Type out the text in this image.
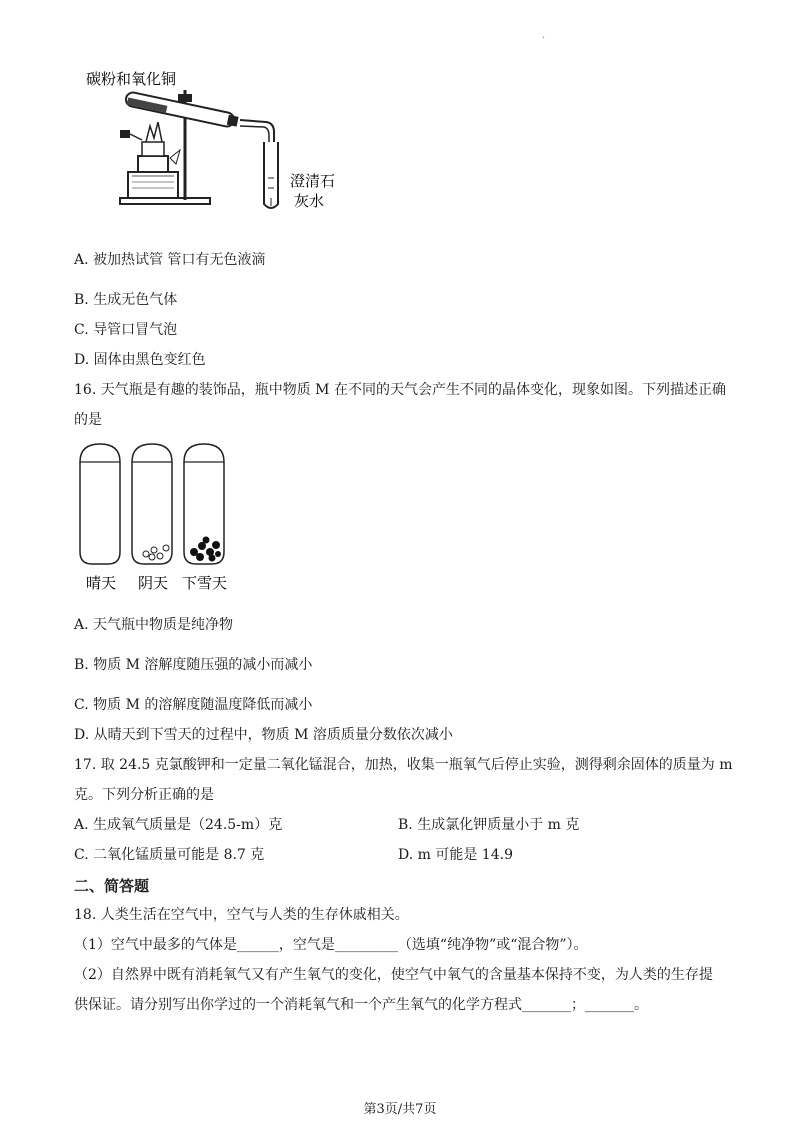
.
碳粉和氧化铜
澄清石
灰水
A. 被加热试管 管口有无色液滴
B. 生成无色气体
C. 导管口冒气泡
D. 固体由黑色变红色
16. 天气瓶是有趣的装饰品，瓶中物质 M 在不同的天气会产生不同的晶体变化，现象如图。下列描述正确
的是
晴天 阴天 下雪天
A. 天气瓶中物质是纯净物
B. 物质 M 溶解度随压强的减小而减小
C. 物质 M 的溶解度随温度降低而减小
D. 从晴天到下雪天的过程中，物质 M 溶质质量分数依次减小
17. 取 24.5 克氯酸钾和一定量二氧化锰混合，加热，收集一瓶氧气后停止实验，测得剩余固体的质量为 m
克。下列分析正确的是
A. 生成氧气质量是（24.5-m）克	B. 生成氯化钾质量小于 m 克
C. 二氧化锰质量可能是 8.7 克	D. m 可能是 14.9
二、简答题
18. 人类生活在空气中，空气与人类的生存休戚相关。
（1）空气中最多的气体是______，空气是_________（选填“纯净物”或“混合物”）。
（2）自然界中既有消耗氧气又有产生氧气的变化，使空气中氧气的含量基本保持不变，为人类的生存提
供保证。请分别写出你学过的一个消耗氧气和一个产生氧气的化学方程式_______；_______。
第3页/共7页
